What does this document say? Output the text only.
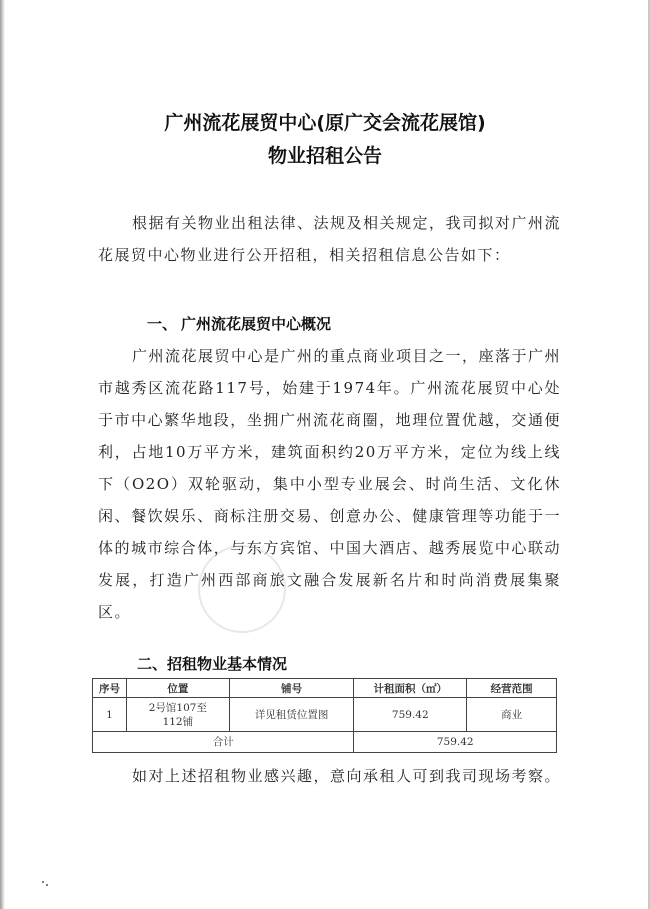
广州流花展贸中心(原广交会流花展馆)
物业招租公告
根据有关物业出租法律、法规及相关规定，我司拟对广州流花展贸中心物业进行公开招租，相关招租信息公告如下：
一、 广州流花展贸中心概况
广州流花展贸中心是广州的重点商业项目之一，座落于广州市越秀区流花路117号，始建于1974年。广州流花展贸中心处于市中心繁华地段，坐拥广州流花商圈，地理位置优越，交通便利，占地10万平方米，建筑面积约20万平方米，定位为线上线下（O2O）双轮驱动，集中小型专业展会、时尚生活、文化休闲、餐饮娱乐、商标注册交易、创意办公、健康管理等功能于一体的城市综合体，与东方宾馆、中国大酒店、越秀展览中心联动发展，打造广州西部商旅文融合发展新名片和时尚消费展集聚区。
二、招租物业基本情况
序号	位置	铺号	计租面积（㎡）	经营范围
1	2号馆107至112铺	详见租赁位置图	759.42	商业
合计			759.42	
如对上述招租物业感兴趣，意向承租人可到我司现场考察。
